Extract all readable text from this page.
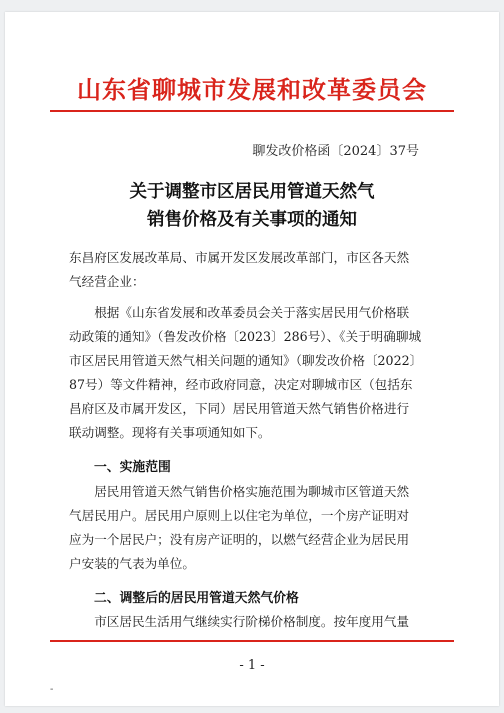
山东省聊城市发展和改革委员会
聊发改价格函〔2024〕37号
关于调整市区居民用管道天然气
销售价格及有关事项的通知
东昌府区发展改革局、市属开发区发展改革部门，市区各天然
气经营企业：
　　根据《山东省发展和改革委员会关于落实居民用气价格联
动政策的通知》（鲁发改价格〔2023〕286号）、《关于明确聊城
市区居民用管道天然气相关问题的通知》（聊发改价格〔2022〕
87号）等文件精神，经市政府同意，决定对聊城市区（包括东
昌府区及市属开发区，下同）居民用管道天然气销售价格进行
联动调整。现将有关事项通知如下。
一、实施范围
　　居民用管道天然气销售价格实施范围为聊城市区管道天然
气居民用户。居民用户原则上以住宅为单位，一个房产证明对
应为一个居民户；没有房产证明的，以燃气经营企业为居民用
户安装的气表为单位。
二、调整后的居民用管道天然气价格
　　市区居民生活用气继续实行阶梯价格制度。按年度用气量
- 1 -
-
